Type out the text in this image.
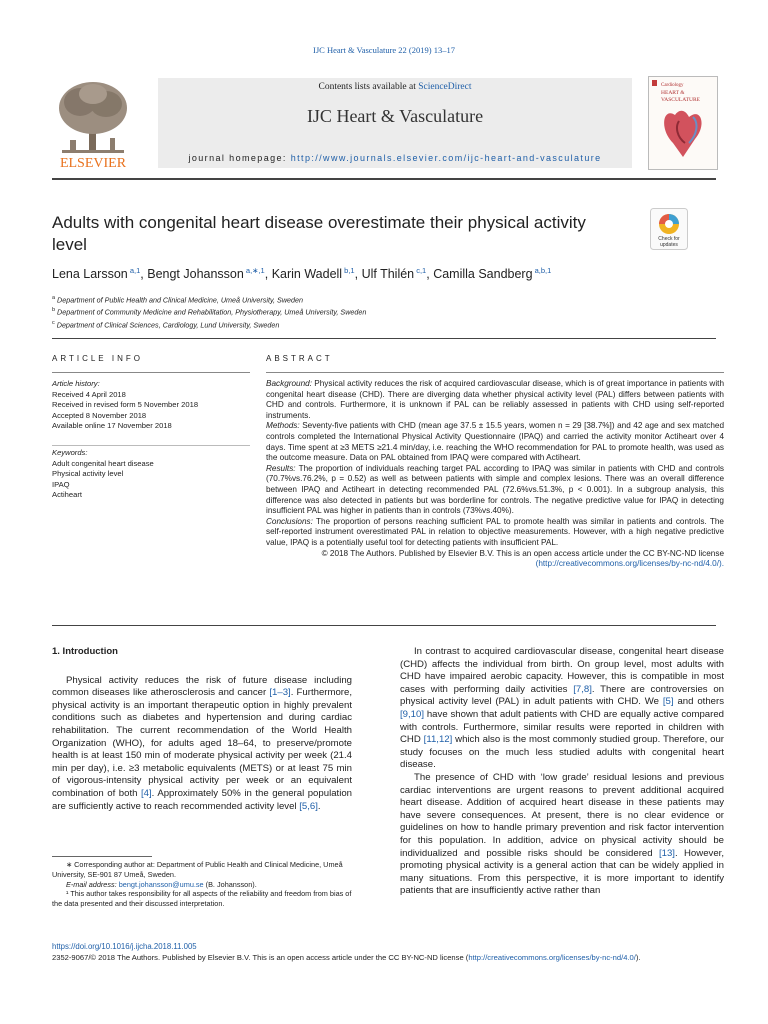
IJC Heart & Vasculature 22 (2019) 13–17
Contents lists available at ScienceDirect
IJC Heart & Vasculature
journal homepage: http://www.journals.elsevier.com/ijc-heart-and-vasculature
ELSEVIER
Cardiology
HEART &
VASCULATURE
Adults with congenital heart disease overestimate their physical activity level	Check for
updates
Lena Larsson $^{a,1}$, Bengt Johansson $^{a,∗,1}$, Karin Wadell $^{b,1}$, Ulf Thilén $^{c,1}$, Camilla Sandberg $^{a,b,1}$
$^a$ Department of Public Health and Clinical Medicine, Umeå University, Sweden
$^b$ Department of Community Medicine and Rehabilitation, Physiotherapy, Umeå University, Sweden
$^c$ Department of Clinical Sciences, Cardiology, Lund University, Sweden
ARTICLE INFO	ABSTRACT
Article history:
Received 4 April 2018
Received in revised form 5 November 2018
Accepted 8 November 2018
Available online 17 November 2018
Keywords:
Adult congenital heart disease
Physical activity level
IPAQ
Actiheart

Background: Physical activity reduces the risk of acquired cardiovascular disease, which is of great importance in patients with congenital heart disease (CHD). There are diverging data whether physical activity level (PAL) differs between patients with CHD and controls. Furthermore, it is unknown if PAL can be reliably assessed in patients with CHD using self-reported instruments.

Methods: Seventy-five patients with CHD (mean age 37.5 ± 15.5 years, women n = 29 [38.7%]) and 42 age and sex matched controls completed the International Physical Activity Questionnaire (IPAQ) and carried the activity monitor Actiheart over 4 days. Time spent at ≥3 METS ≥21.4 min/day, i.e. reaching the WHO recommendation for PAL to promote health, was used as the outcome measure. Data on PAL obtained from IPAQ were compared with Actiheart.

Results: The proportion of individuals reaching target PAL according to IPAQ was similar in patients with CHD and controls (70.7%vs.76.2%, p = 0.52) as well as between patients with simple and complex lesions. There was an overall difference between IPAQ and Actiheart in detecting recommended PAL (72.6%vs.51.3%, p < 0.001). In a subgroup analysis, this difference was also detected in patients but was borderline for controls. The negative predictive value for IPAQ in detecting insufficient PAL was higher in patients than in controls (73%vs.40%).

Conclusions: The proportion of persons reaching sufficient PAL to promote health was similar in patients and controls. The self-reported instrument overestimated PAL in relation to objective measurements. However, with a high negative predictive value, IPAQ is a potentially useful tool for detecting patients with insufficient PAL.

© 2018 The Authors. Published by Elsevier B.V. This is an open access article under the CC BY-NC-ND license
(http://creativecommons.org/licenses/by-nc-nd/4.0/).

1. Introduction

Physical activity reduces the risk of future disease including common diseases like atherosclerosis and cancer [1–3]. Furthermore, physical activity is an important therapeutic option in highly prevalent conditions such as diabetes and hypertension and during cardiac rehabilitation. The current recommendation of the World Health Organization (WHO), for adults aged 18–64, to preserve/promote health is at least 150 min of moderate physical activity per week (21.4 min per day), i.e. ≥3 metabolic equivalents (METS) or at least 75 min of vigorous-intensity physical activity per week or an equivalent combination of both [4]. Approximately 50% in the general population are sufficiently active to reach recommended activity level [5,6].

In contrast to acquired cardiovascular disease, congenital heart disease (CHD) affects the individual from birth. On group level, most adults with CHD have impaired aerobic capacity. However, this is compatible in most cases with performing daily activities [7,8]. There are controversies on physical activity level (PAL) in adult patients with CHD. We [5] and others [9,10] have shown that adult patients with CHD are equally active compared with controls. Furthermore, similar results were reported in children with CHD [11,12] which also is the most commonly studied group. Therefore, our study focuses on the much less studied adults with congenital heart disease.

The presence of CHD with ‘low grade’ residual lesions and previous cardiac interventions are urgent reasons to prevent additional acquired heart disease. Addition of acquired heart disease in these patients may have severe consequences. At present, there is no clear evidence or guidelines on how to handle primary prevention and risk factor intervention for this population. In addition, advice on physical activity should be individualized and possible risks should be considered [13]. However, promoting physical activity is a general action that can be widely applied in many situations. From this perspective, it is more important to identify patients that are insufficiently active rather than

∗ Corresponding author at: Department of Public Health and Clinical Medicine, Umeå University, SE-901 87 Umeå, Sweden.

E-mail address: bengt.johansson@umu.se (B. Johansson).

¹ This author takes responsibility for all aspects of the reliability and freedom from bias of the data presented and their discussed interpretation.

https://doi.org/10.1016/j.ijcha.2018.11.005
2352-9067/© 2018 The Authors. Published by Elsevier B.V. This is an open access article under the CC BY-NC-ND license (http://creativecommons.org/licenses/by-nc-nd/4.0/).
